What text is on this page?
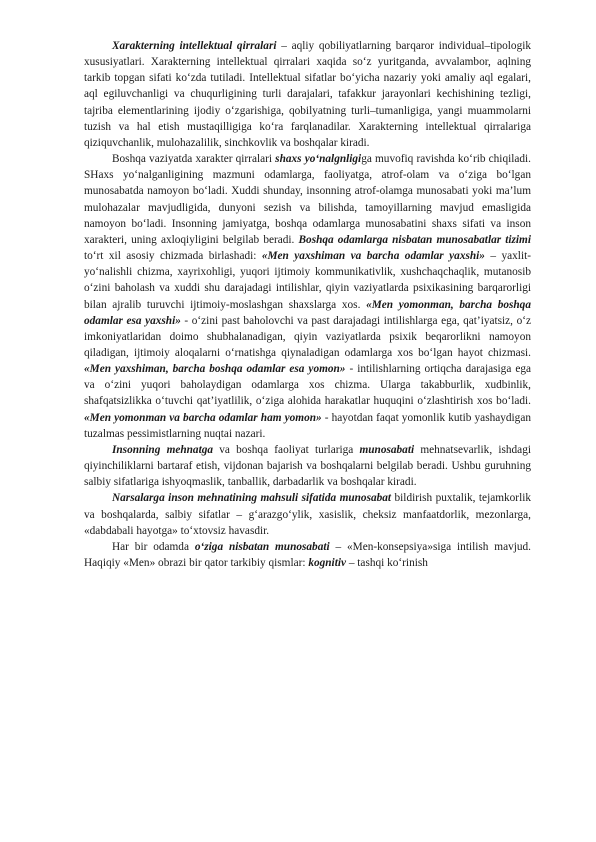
Xarakterning intellektual qirralari – aqliy qobiliyatlarning barqaror individual–tipologik xususiyatlari. Xarakterning intellektual qirralari xaqida so‘z yuritganda, avvalambor, aqlning tarkib topgan sifati ko‘zda tutiladi. Intellektual sifatlar bo‘yicha nazariy yoki amaliy aql egalari, aql egiluvchanligi va chuqurligining turli darajalari, tafakkur jarayonlari kechishining tezligi, tajriba elementlarining ijodiy o‘zgarishiga, qobilyatning turli–tumanligiga, yangi muammolarni tuzish va hal etish mustaqilligiga ko‘ra farqlanadilar. Xarakterning intellektual qirralariga qiziquvchanlik, mulohazalilik, sinchkovlik va boshqalar kiradi.

Boshqa vaziyatda xarakter qirralari shaxs yo‘nalgnligiga muvofiq ravishda ko‘rib chiqiladi. SHaxs yo‘nalganligining mazmuni odamlarga, faoliyatga, atrof-olam va o‘ziga bo‘lgan munosabatda namoyon bo‘ladi. Xuddi shunday, insonning atrof-olamga munosabati yoki ma’lum mulohazalar mavjudligida, dunyoni sezish va bilishda, tamoyillarning mavjud emasligida namoyon bo‘ladi. Insonning jamiyatga, boshqa odamlarga munosabatini shaxs sifati va inson xarakteri, uning axloqiyligini belgilab beradi. Boshqa odamlarga nisbatan munosabatlar tizimi to‘rt xil asosiy chizmada birlashadi: «Men yaxshiman va barcha odamlar yaxshi» – yaxlit-yo‘nalishli chizma, xayrixohligi, yuqori ijtimoiy kommunikativlik, xushchaqchaqlik, mutanosib o‘zini baholash va xuddi shu darajadagi intilishlar, qiyin vaziyatlarda psixikasining barqarorligi bilan ajralib turuvchi ijtimoiy-moslashgan shaxslarga xos. «Men yomonman, barcha boshqa odamlar esa yaxshi» - o‘zini past baholovchi va past darajadagi intilishlarga ega, qat’iyatsiz, o‘z imkoniyatlaridan doimo shubhalanadigan, qiyin vaziyatlarda psixik beqarorlikni namoyon qiladigan, ijtimoiy aloqalarni o‘rnatishga qiynaladigan odamlarga xos bo‘lgan hayot chizmasi. «Men yaxshiman, barcha boshqa odamlar esa yomon» - intilishlarning ortiqcha darajasiga ega va o‘zini yuqori baholaydigan odamlarga xos chizma. Ularga takabburlik, xudbinlik, shafqatsizlikka o‘tuvchi qat’iyatlilik, o‘ziga alohida harakatlar huquqini o‘zlashtirish xos bo‘ladi. «Men yomonman va barcha odamlar ham yomon» - hayotdan faqat yomonlik kutib yashaydigan tuzalmas pessimistlarning nuqtai nazari.

Insonning mehnatga va boshqa faoliyat turlariga munosabati mehnatsevarlik, ishdagi qiyinchiliklarni bartaraf etish, vijdonan bajarish va boshqalarni belgilab beradi. Ushbu guruhning salbiy sifatlariga ishyoqmaslik, tanballik, darbadarlik va boshqalar kiradi.

Narsalarga inson mehnatining mahsuli sifatida munosabat bildirish puxtalik, tejamkorlik va boshqalarda, salbiy sifatlar – g‘arazgo‘ylik, xasislik, cheksiz manfaatdorlik, mezonlarga, «dabdabali hayotga» to‘xtovsiz havasdir.

Har bir odamda o‘ziga nisbatan munosabati – «Men-konsepsiya»siga intilish mavjud. Haqiqiy «Men» obrazi bir qator tarkibiy qismlar: kognitiv – tashqi ko‘rinish
